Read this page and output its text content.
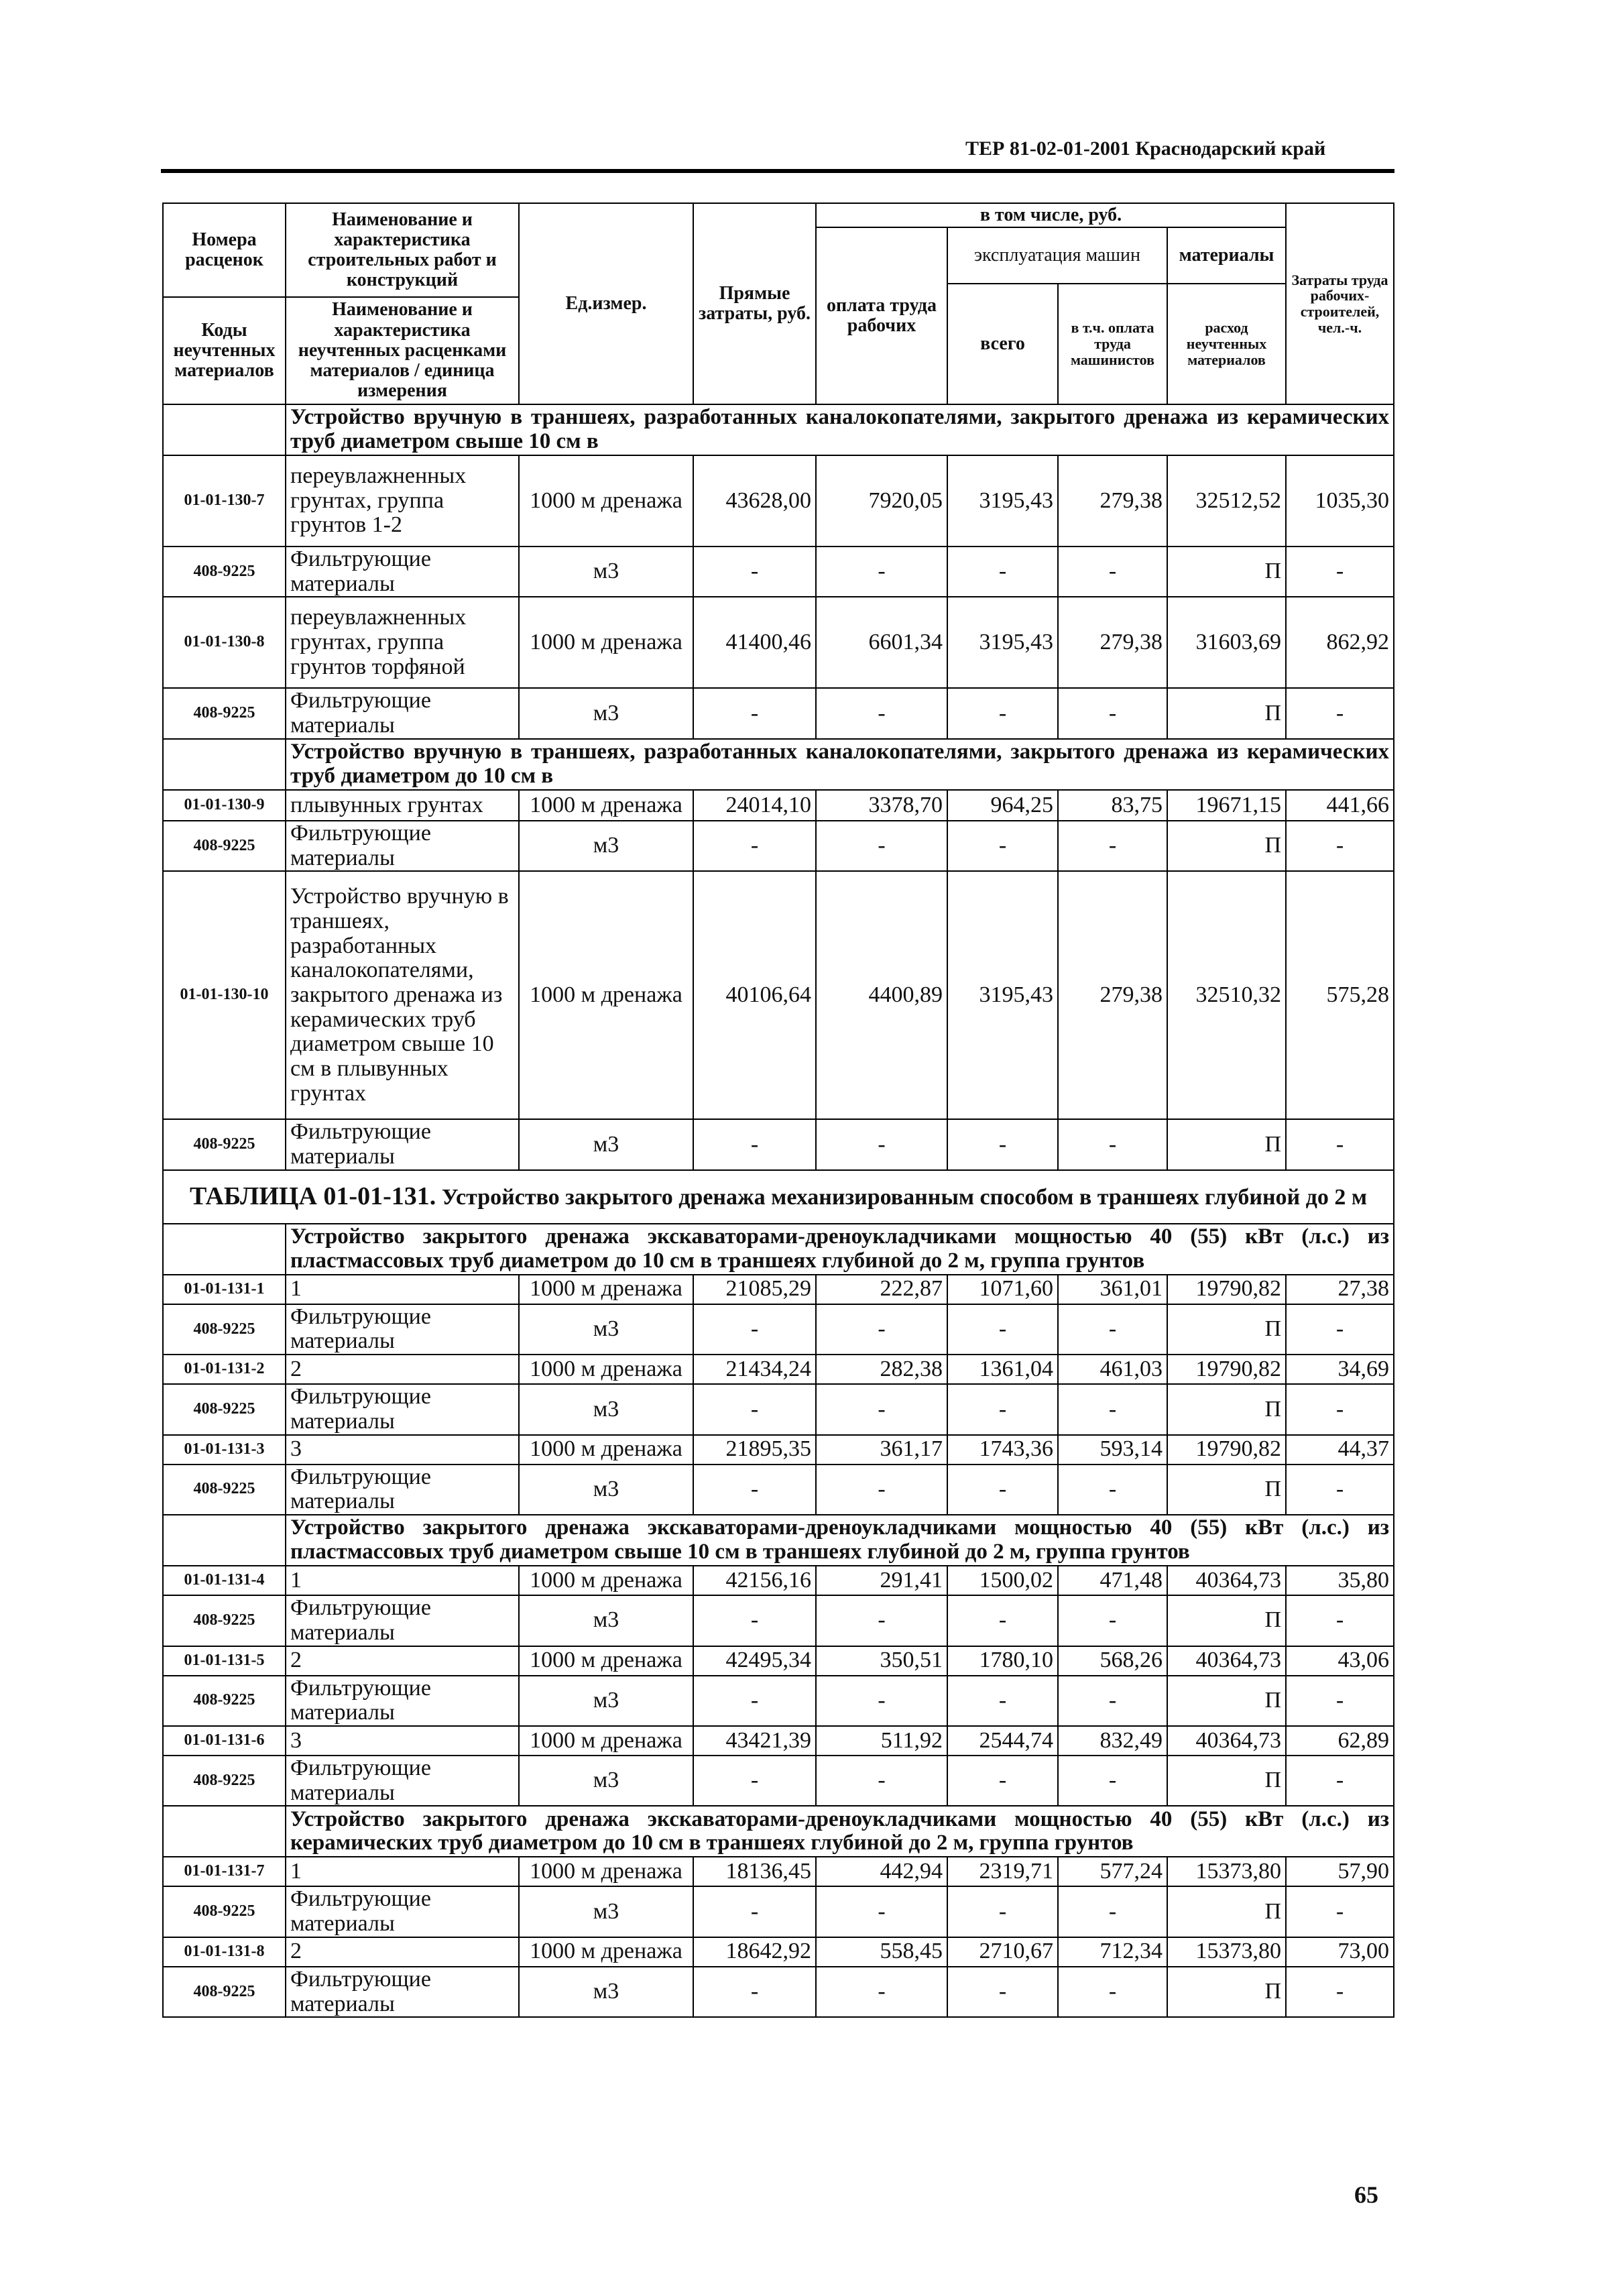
ТЕР 81-02-01-2001 Краснодарский край
Номера расценок	Наименование и характеристика строительных работ и конструкций	Ед.измер.	Прямые затраты, руб.	в том числе, руб.				Затраты труда рабочих-строителей, чел.-ч.
				оплата труда рабочих	эксплуатация машин		материалы	
					всего	в т.ч. оплата труда машинистов	расход неучтенных материалов	
Коды неучтенных материалов	Наименование и характеристика неучтенных расценками материалов / единица измерения							

	Устройство вручную в траншеях, разработанных каналокопателями, закрытого дренажа из керамических труб диаметром свыше 10 см в							
01-01-130-7	переувлажненных грунтах, группа грунтов 1-2	1000 м дренажа	43628,00	7920,05	3195,43	279,38	32512,52	1035,30
408-9225	Фильтрующие материалы	м3	-	-	-	-	П	-
01-01-130-8	переувлажненных грунтах, группа грунтов торфяной	1000 м дренажа	41400,46	6601,34	3195,43	279,38	31603,69	862,92
408-9225	Фильтрующие материалы	м3	-	-	-	-	П	-
	Устройство вручную в траншеях, разработанных каналокопателями, закрытого дренажа из керамических труб диаметром до 10 см в							
01-01-130-9	плывунных грунтах	1000 м дренажа	24014,10	3378,70	964,25	83,75	19671,15	441,66
408-9225	Фильтрующие материалы	м3	-	-	-	-	П	-
01-01-130-10	Устройство вручную в траншеях, разработанных каналокопателями, закрытого дренажа из керамических труб диаметром свыше 10 см в плывунных грунтах	1000 м дренажа	40106,64	4400,89	3195,43	279,38	32510,32	575,28
408-9225	Фильтрующие материалы	м3	-	-	-	-	П	-
ТАБЛИЦА 01-01-131. Устройство закрытого дренажа механизированным способом в траншеях глубиной до 2 м								
	Устройство закрытого дренажа экскаваторами-дреноукладчиками мощностью 40 (55) кВт (л.с.) из пластмассовых труб диаметром до 10 см в траншеях глубиной до 2 м, группа грунтов							
01-01-131-1	1	1000 м дренажа	21085,29	222,87	1071,60	361,01	19790,82	27,38
408-9225	Фильтрующие материалы	м3	-	-	-	-	П	-
01-01-131-2	2	1000 м дренажа	21434,24	282,38	1361,04	461,03	19790,82	34,69
408-9225	Фильтрующие материалы	м3	-	-	-	-	П	-
01-01-131-3	3	1000 м дренажа	21895,35	361,17	1743,36	593,14	19790,82	44,37
408-9225	Фильтрующие материалы	м3	-	-	-	-	П	-
	Устройство закрытого дренажа экскаваторами-дреноукладчиками мощностью 40 (55) кВт (л.с.) из пластмассовых труб диаметром свыше 10 см в траншеях глубиной до 2 м, группа грунтов							
01-01-131-4	1	1000 м дренажа	42156,16	291,41	1500,02	471,48	40364,73	35,80
408-9225	Фильтрующие материалы	м3	-	-	-	-	П	-
01-01-131-5	2	1000 м дренажа	42495,34	350,51	1780,10	568,26	40364,73	43,06
408-9225	Фильтрующие материалы	м3	-	-	-	-	П	-
01-01-131-6	3	1000 м дренажа	43421,39	511,92	2544,74	832,49	40364,73	62,89
408-9225	Фильтрующие материалы	м3	-	-	-	-	П	-
	Устройство закрытого дренажа экскаваторами-дреноукладчиками мощностью 40 (55) кВт (л.с.) из керамических труб диаметром до 10 см в траншеях глубиной до 2 м, группа грунтов							
01-01-131-7	1	1000 м дренажа	18136,45	442,94	2319,71	577,24	15373,80	57,90
408-9225	Фильтрующие материалы	м3	-	-	-	-	П	-
01-01-131-8	2	1000 м дренажа	18642,92	558,45	2710,67	712,34	15373,80	73,00
408-9225	Фильтрующие материалы	м3	-	-	-	-	П	-
65
